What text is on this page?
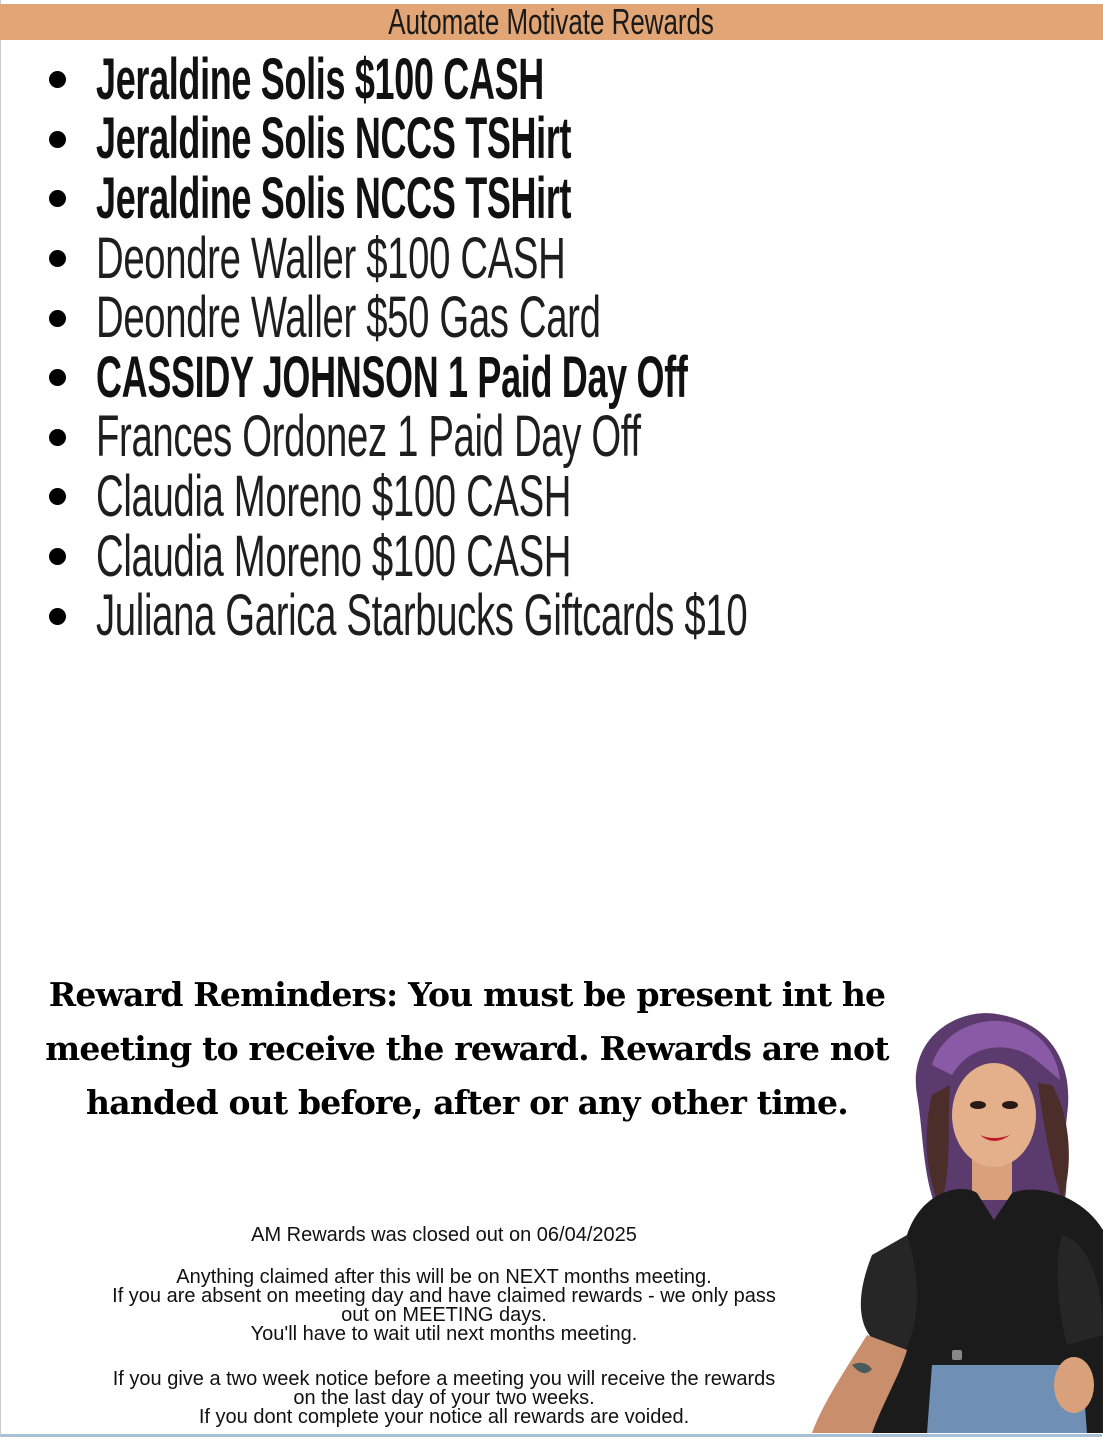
Automate Motivate Rewards
Jeraldine Solis $100 CASH
Jeraldine Solis NCCS TSHirt
Jeraldine Solis NCCS TSHirt
Deondre Waller $100 CASH
Deondre Waller $50 Gas Card
CASSIDY JOHNSON 1 Paid Day Off
Frances Ordonez 1 Paid Day Off
Claudia Moreno $100 CASH
Claudia Moreno $100 CASH
Juliana Garica Starbucks Giftcards $10
Reward Reminders: You must be present int he
meeting to receive the reward. Rewards are not
handed out before, after or any other time.
AM Rewards was closed out on 06/04/2025
Anything claimed after this will be on NEXT months meeting.
If you are absent on meeting day and have claimed rewards - we only pass
out on MEETING days.
You'll have to wait util next months meeting.
If you give a two week notice before a meeting you will receive the rewards
on the last day of your two weeks.
If you dont complete your notice all rewards are voided.
